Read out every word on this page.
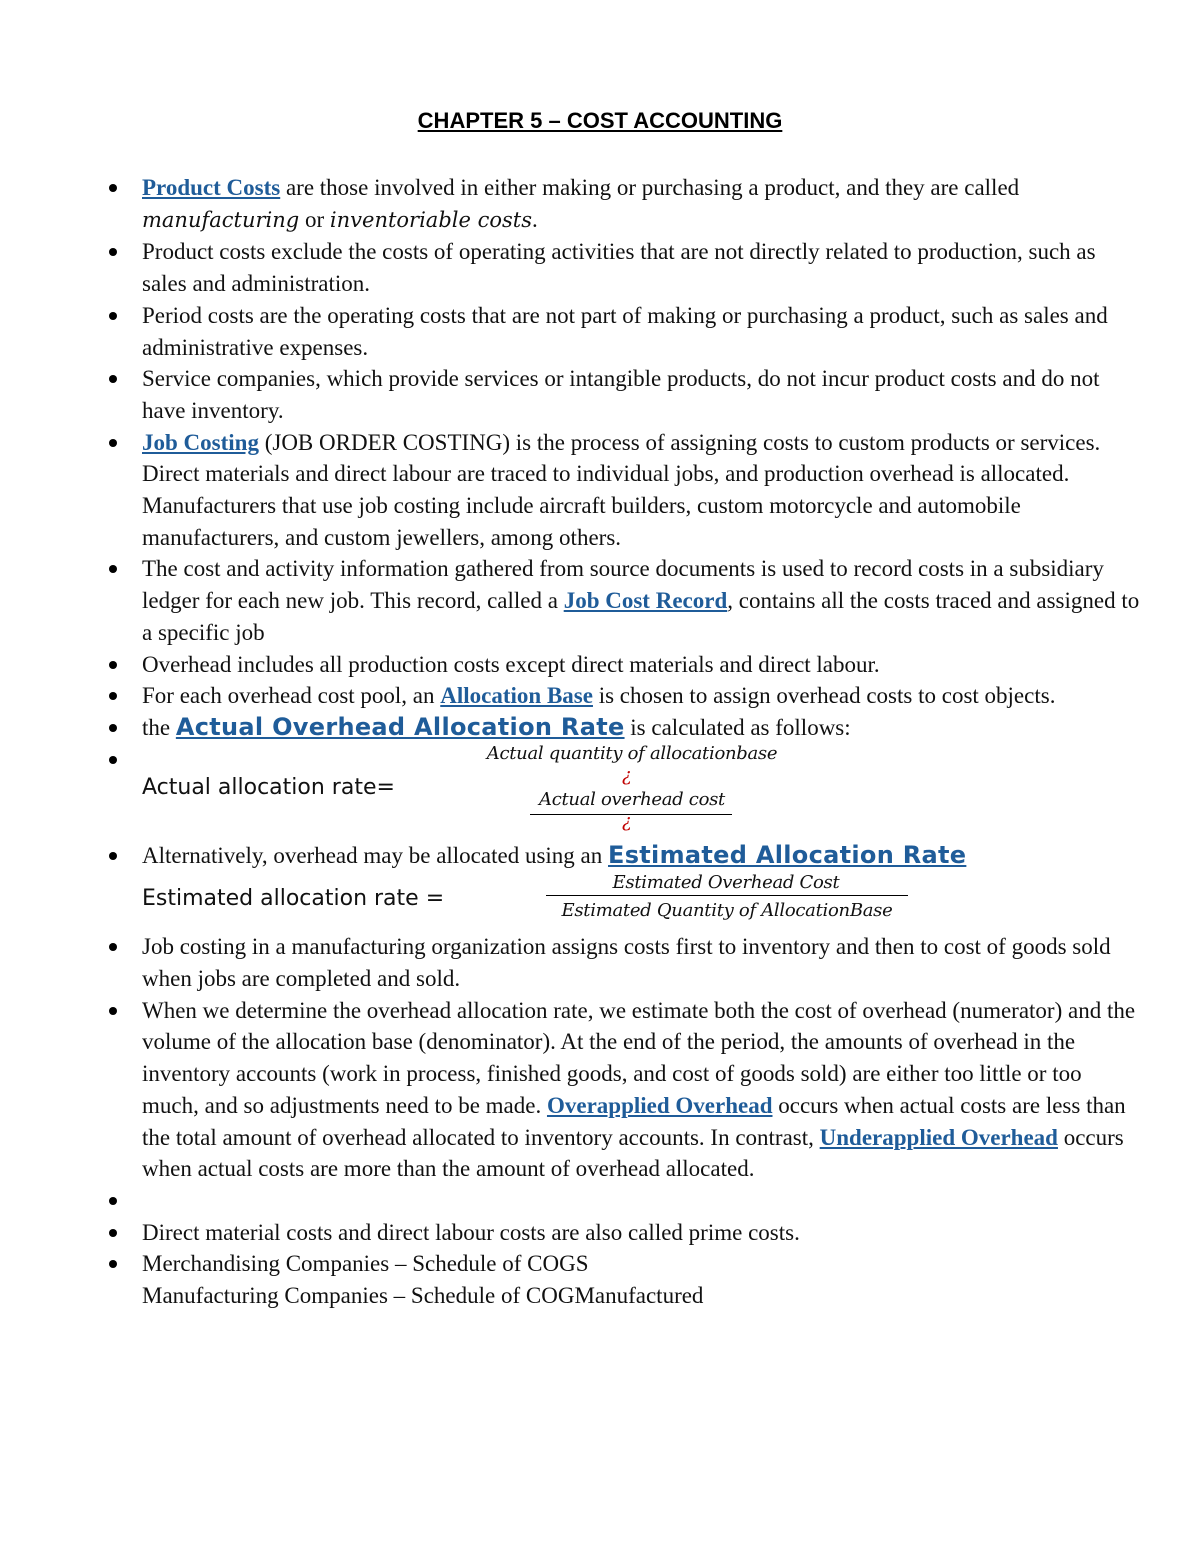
CHAPTER 5 – COST ACCOUNTING
Product Costs are those involved in either making or purchasing a product, and they are called manufacturing or inventoriable costs.
Product costs exclude the costs of operating activities that are not directly related to production, such as sales and administration.
Period costs are the operating costs that are not part of making or purchasing a product, such as sales and administrative expenses.
Service companies, which provide services or intangible products, do not incur product costs and do not have inventory.
Job Costing (JOB ORDER COSTING) is the process of assigning costs to custom products or services. Direct materials and direct labour are traced to individual jobs, and production overhead is allocated. Manufacturers that use job costing include aircraft builders, custom motorcycle and automobile manufacturers, and custom jewellers, among others.
The cost and activity information gathered from source documents is used to record costs in a subsidiary ledger for each new job. This record, called a Job Cost Record, contains all the costs traced and assigned to a specific job
Overhead includes all production costs except direct materials and direct labour.
For each overhead cost pool, an Allocation Base is chosen to assign overhead costs to cost objects.
the Actual Overhead Allocation Rate is calculated as follows:
Actual allocation rate=
Actual quantity of allocationbase
¿
Actual overhead cost
¿
Alternatively, overhead may be allocated using an Estimated Allocation Rate
Estimated allocation rate =
Estimated Overhead Cost
Estimated Quantity of AllocationBase
Job costing in a manufacturing organization assigns costs first to inventory and then to cost of goods sold when jobs are completed and sold.
When we determine the overhead allocation rate, we estimate both the cost of overhead (numerator) and the volume of the allocation base (denominator). At the end of the period, the amounts of overhead in the inventory accounts (work in process, finished goods, and cost of goods sold) are either too little or too much, and so adjustments need to be made. Overapplied Overhead occurs when actual costs are less than the total amount of overhead allocated to inventory accounts. In contrast, Underapplied Overhead occurs when actual costs are more than the amount of overhead allocated.

Direct material costs and direct labour costs are also called prime costs.
Merchandising Companies – Schedule of COGS
Manufacturing Companies – Schedule of COGManufactured
